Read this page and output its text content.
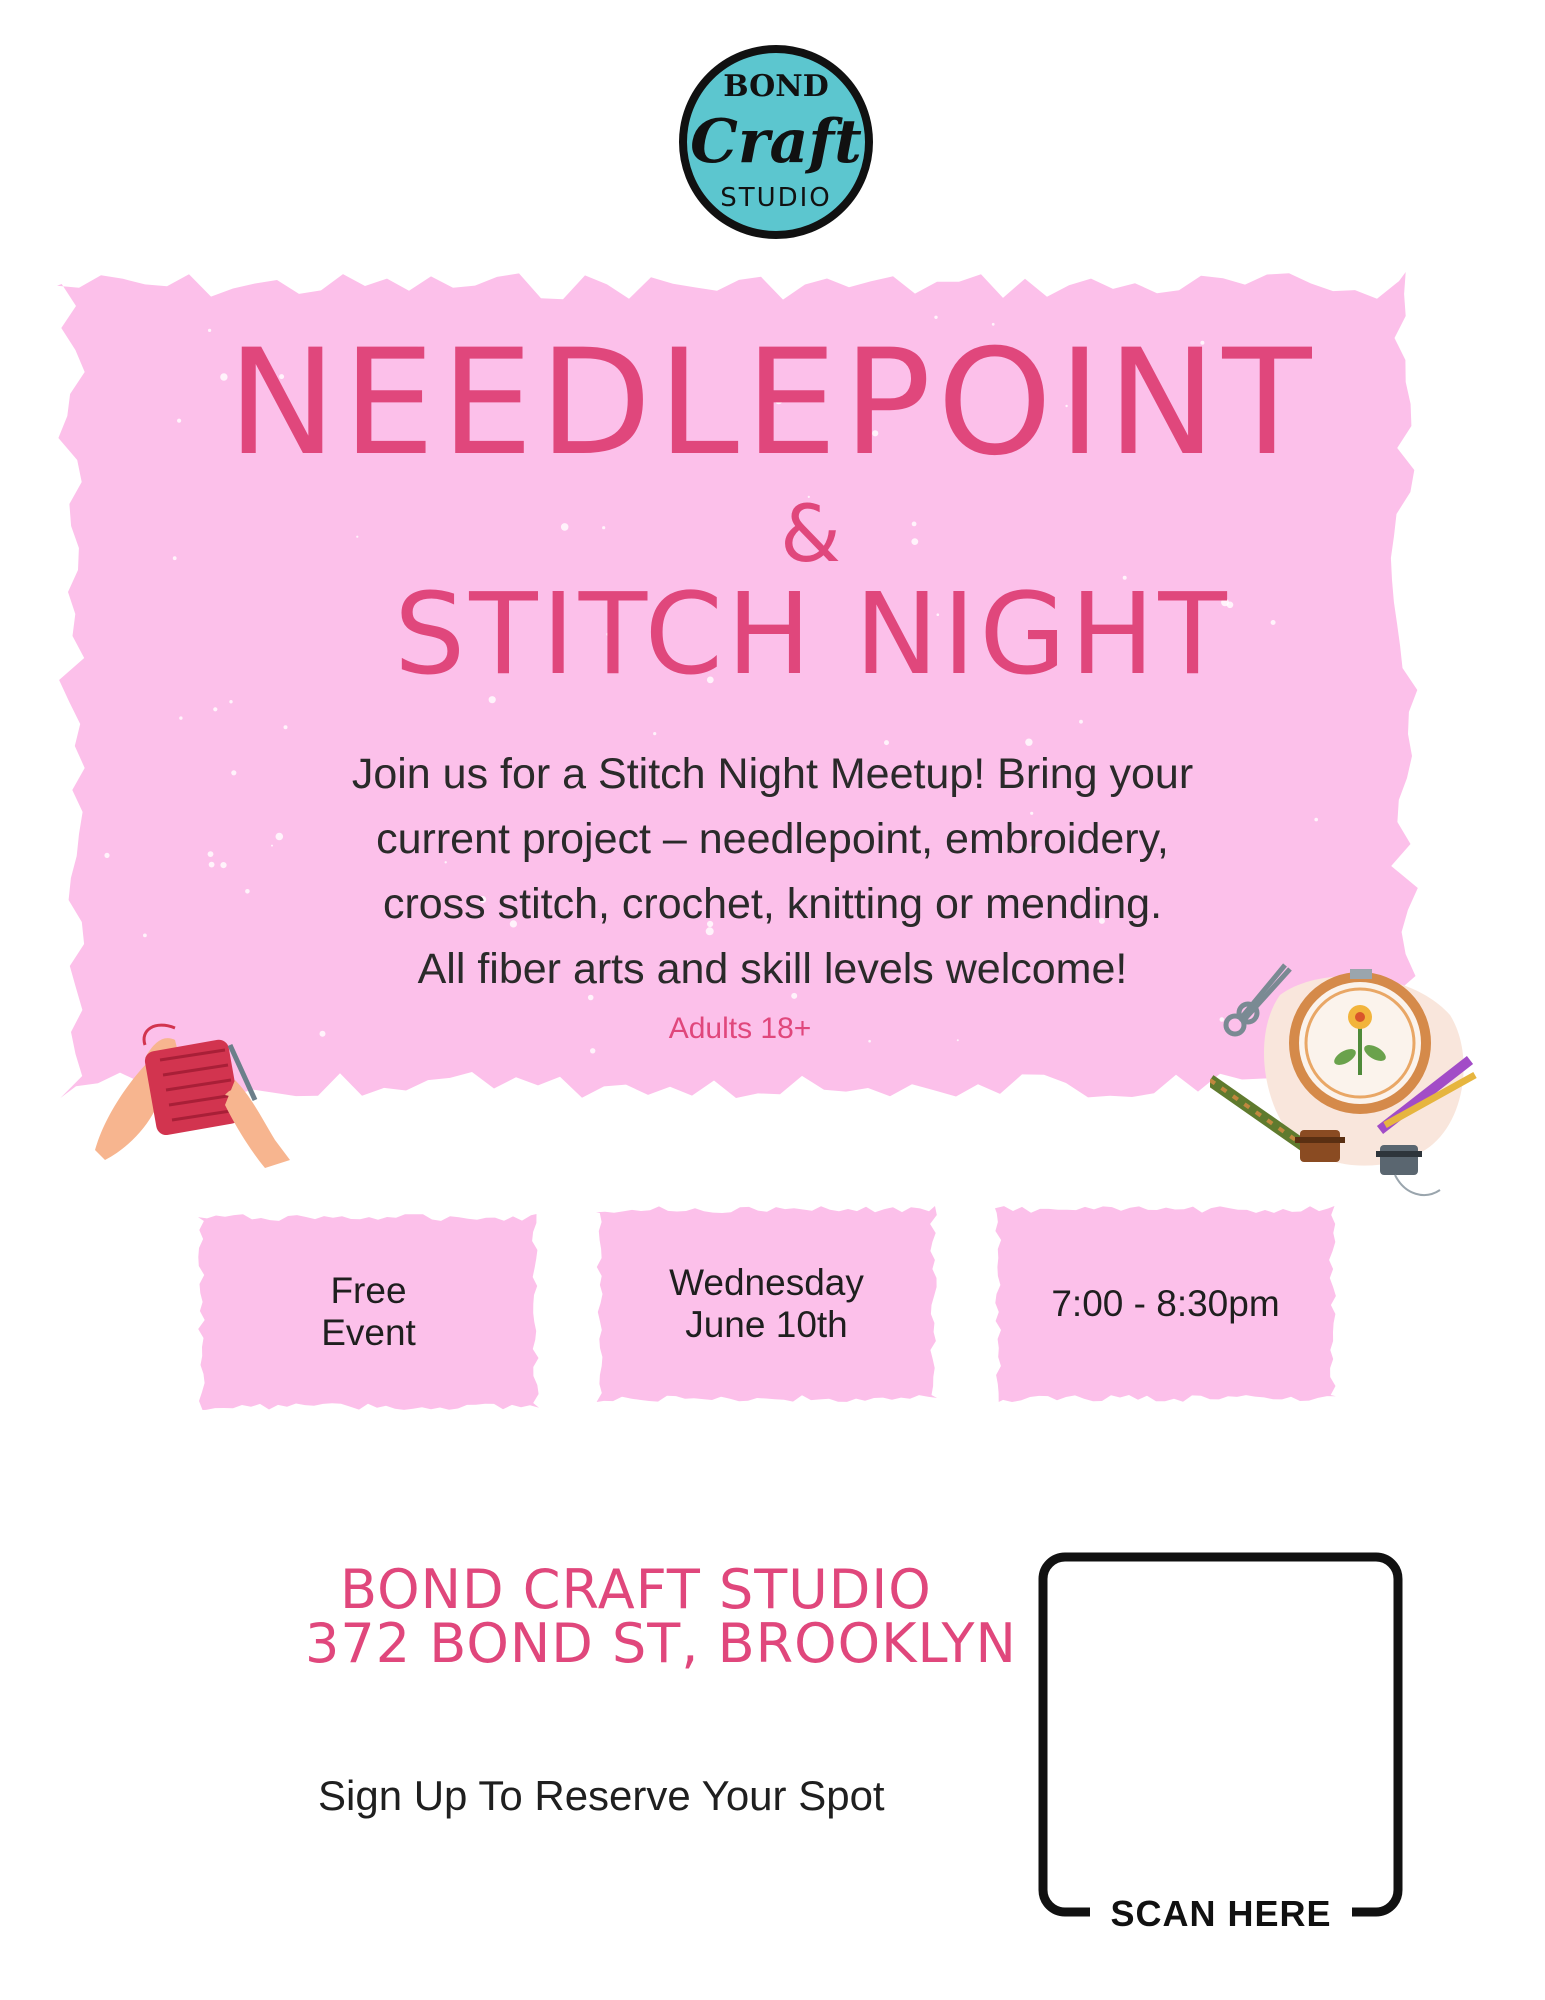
BOND
Craft
STUDIO
NEEDLEPOINT
&
STITCH NIGHT
Join us for a Stitch Night Meetup! Bring your
current project – needlepoint, embroidery,
cross stitch, crochet, knitting or mending.
All fiber arts and skill levels welcome!
Adults 18+
Free
Event
Wednesday
June 10th
7:00 - 8:30pm
BOND CRAFT STUDIO
372 BOND ST, BROOKLYN
Sign Up To Reserve Your Spot
SCAN HERE
